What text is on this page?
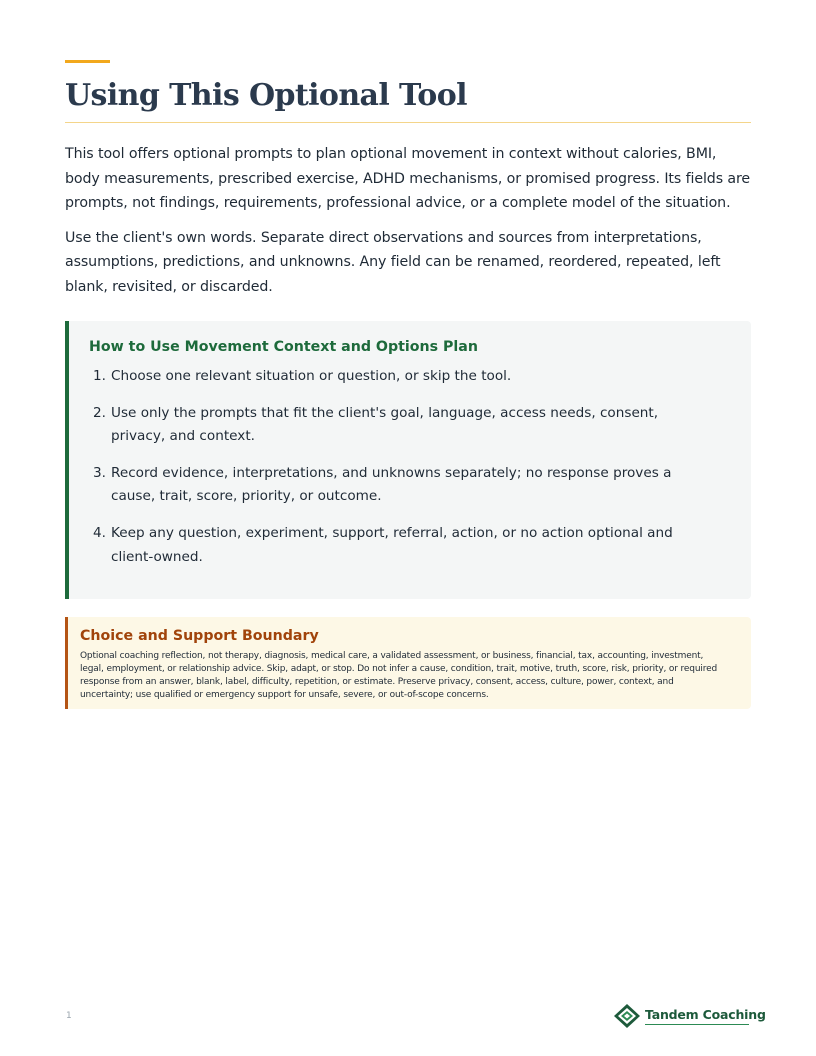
Using This Optional Tool

This tool offers optional prompts to plan optional movement in context without calories, BMI, body measurements, prescribed exercise, ADHD mechanisms, or promised progress. Its fields are prompts, not findings, requirements, professional advice, or a complete model of the situation.

Use the client's own words. Separate direct observations and sources from interpretations, assumptions, predictions, and unknowns. Any field can be renamed, reordered, repeated, left blank, revisited, or discarded.

How to Use Movement Context and Options Plan
1. Choose one relevant situation or question, or skip the tool.
2. Use only the prompts that fit the client's goal, language, access needs, consent, privacy, and context.
3. Record evidence, interpretations, and unknowns separately; no response proves a cause, trait, score, priority, or outcome.
4. Keep any question, experiment, support, referral, action, or no action optional and client-owned.
Choice and Support Boundary

Optional coaching reflection, not therapy, diagnosis, medical care, a validated assessment, or business, financial, tax, accounting, investment, legal, employment, or relationship advice. Skip, adapt, or stop. Do not infer a cause, condition, trait, motive, truth, score, risk, priority, or required response from an answer, blank, label, difficulty, repetition, or estimate. Preserve privacy, consent, access, culture, power, context, and uncertainty; use qualified or emergency support for unsafe, severe, or out-of-scope concerns.

1	Tandem Coaching
